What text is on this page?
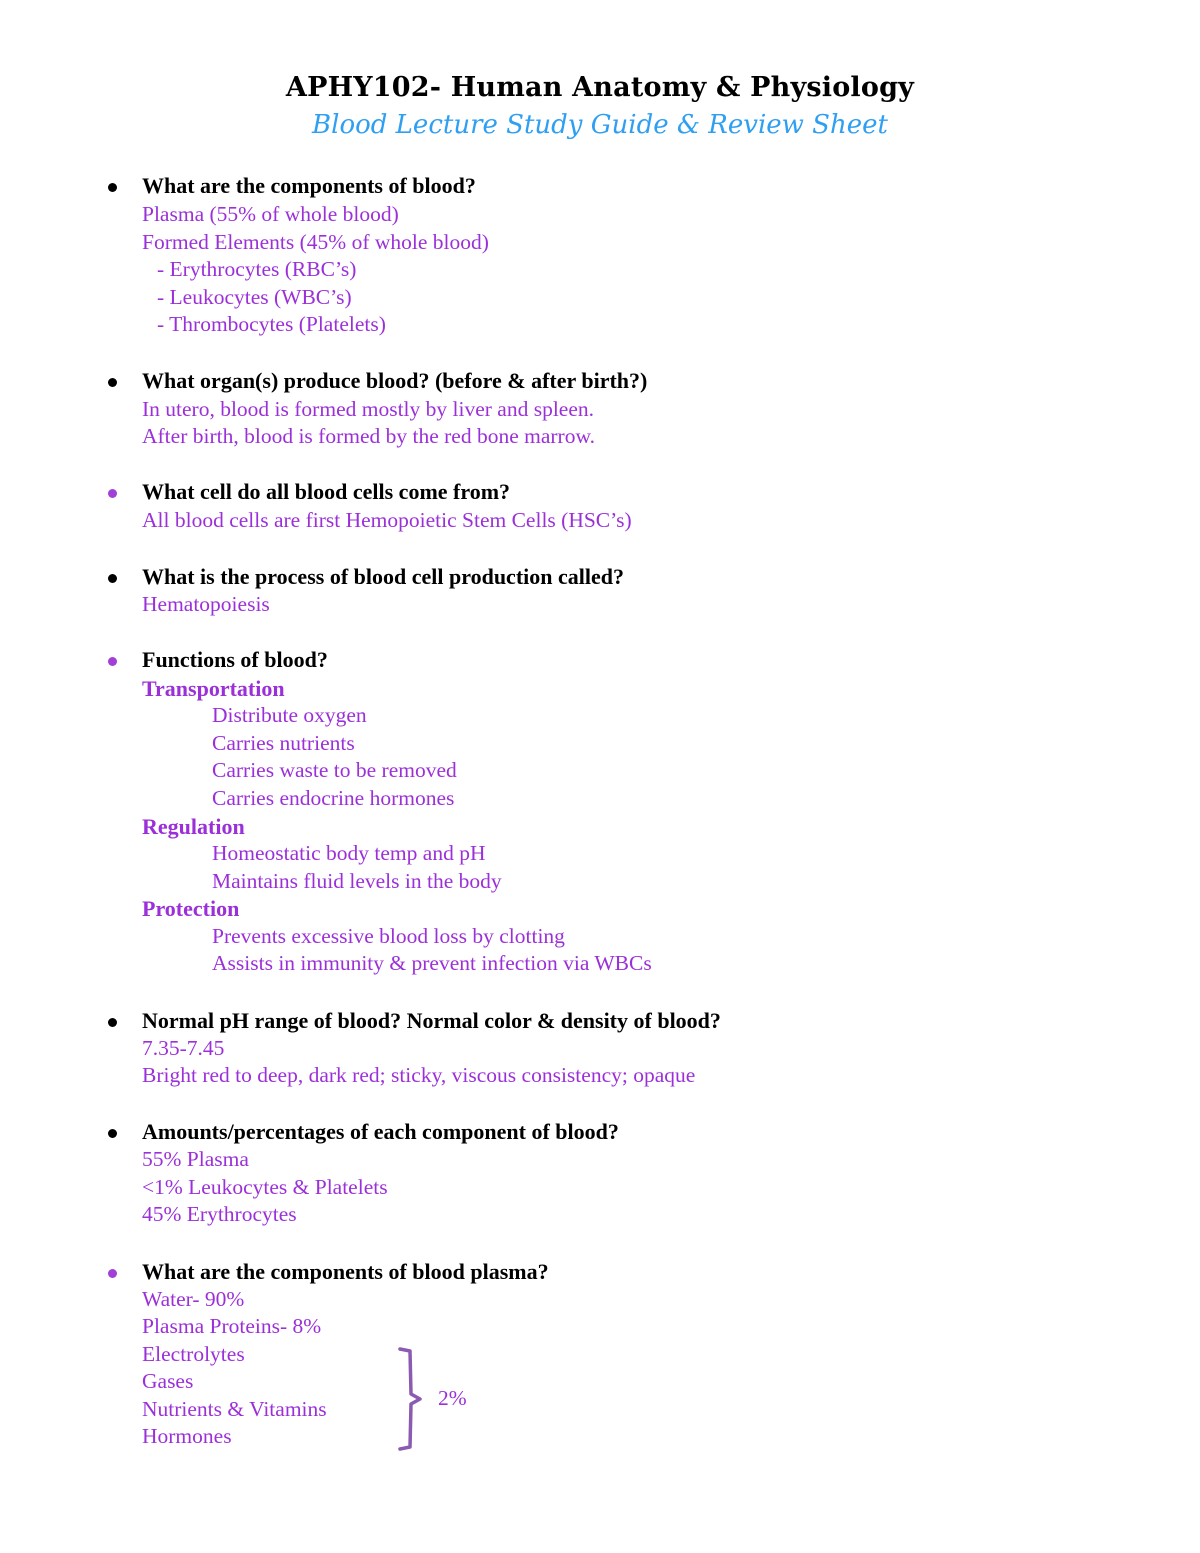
APHY102- Human Anatomy & Physiology
Blood Lecture Study Guide & Review Sheet
What are the components of blood?
Plasma (55% of whole blood)
Formed Elements (45% of whole blood)
- Erythrocytes (RBC’s)
- Leukocytes (WBC’s)
- Thrombocytes (Platelets)
What organ(s) produce blood? (before & after birth?)
In utero, blood is formed mostly by liver and spleen.
After birth, blood is formed by the red bone marrow.
What cell do all blood cells come from?
All blood cells are first Hemopoietic Stem Cells (HSC’s)
What is the process of blood cell production called?
Hematopoiesis
Functions of blood?
Transportation
Distribute oxygen
Carries nutrients
Carries waste to be removed
Carries endocrine hormones
Regulation
Homeostatic body temp and pH
Maintains fluid levels in the body
Protection
Prevents excessive blood loss by clotting
Assists in immunity & prevent infection via WBCs
Normal pH range of blood? Normal color & density of blood?
7.35-7.45
Bright red to deep, dark red; sticky, viscous consistency; opaque
Amounts/percentages of each component of blood?
55% Plasma
<1% Leukocytes & Platelets
45% Erythrocytes
What are the components of blood plasma?
Water- 90%
Plasma Proteins- 8%
Electrolytes
Gases
Nutrients & Vitamins
Hormones
2%
